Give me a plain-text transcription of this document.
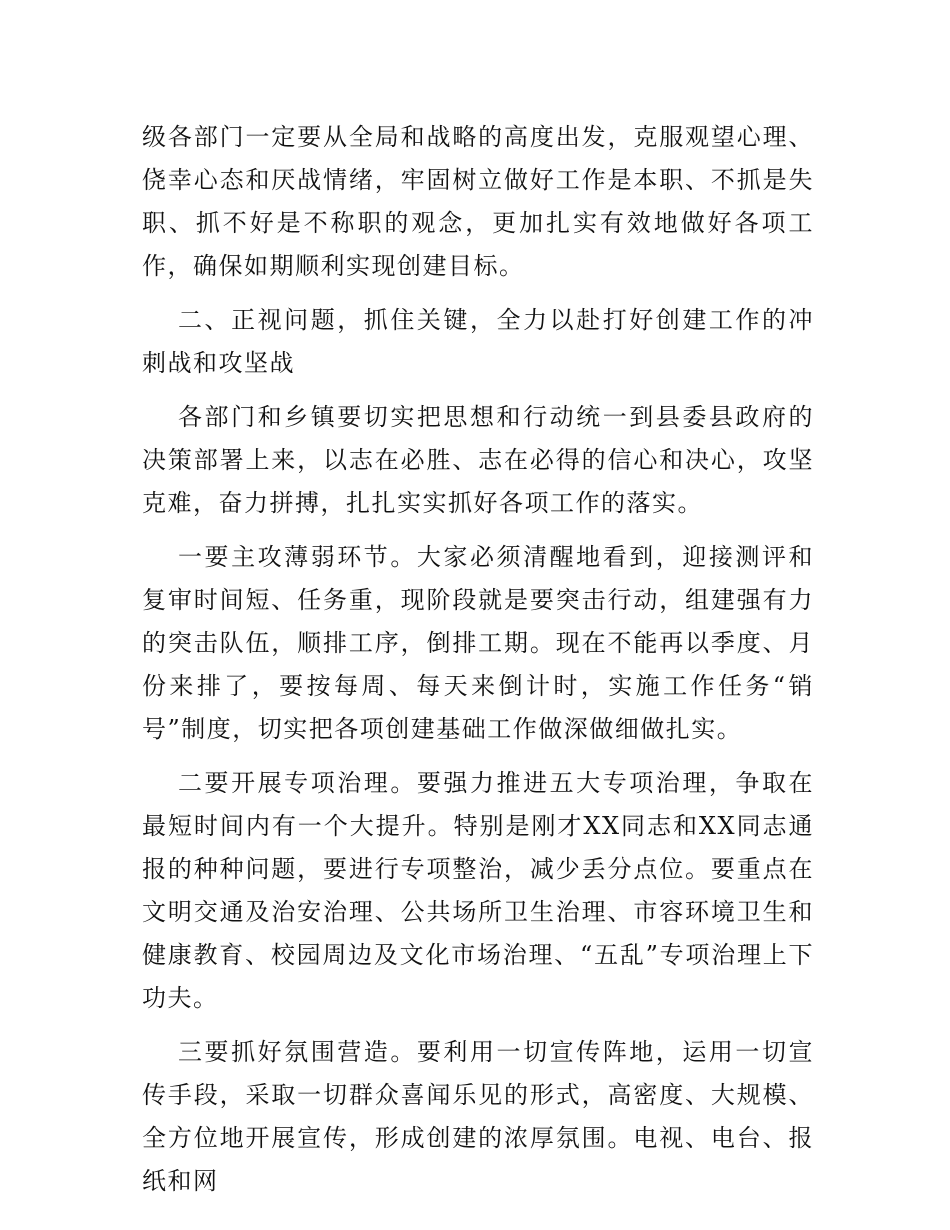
级各部门一定要从全局和战略的高度出发，克服观望心理、侥幸心态和厌战情绪，牢固树立做好工作是本职、不抓是失职、抓不好是不称职的观念，更加扎实有效地做好各项工作，确保如期顺利实现创建目标。

二、正视问题，抓住关键，全力以赴打好创建工作的冲刺战和攻坚战

各部门和乡镇要切实把思想和行动统一到县委县政府的决策部署上来，以志在必胜、志在必得的信心和决心，攻坚克难，奋力拼搏，扎扎实实抓好各项工作的落实。

一要主攻薄弱环节。大家必须清醒地看到，迎接测评和复审时间短、任务重，现阶段就是要突击行动，组建强有力的突击队伍，顺排工序，倒排工期。现在不能再以季度、月份来排了，要按每周、每天来倒计时，实施工作任务“销号”制度，切实把各项创建基础工作做深做细做扎实。

二要开展专项治理。要强力推进五大专项治理，争取在最短时间内有一个大提升。特别是刚才XX同志和XX同志通报的种种问题，要进行专项整治，减少丢分点位。要重点在文明交通及治安治理、公共场所卫生治理、市容环境卫生和健康教育、校园周边及文化市场治理、“五乱”专项治理上下功夫。

三要抓好氛围营造。要利用一切宣传阵地，运用一切宣传手段，采取一切群众喜闻乐见的形式，高密度、大规模、全方位地开展宣传，形成创建的浓厚氛围。电视、电台、报纸和网
